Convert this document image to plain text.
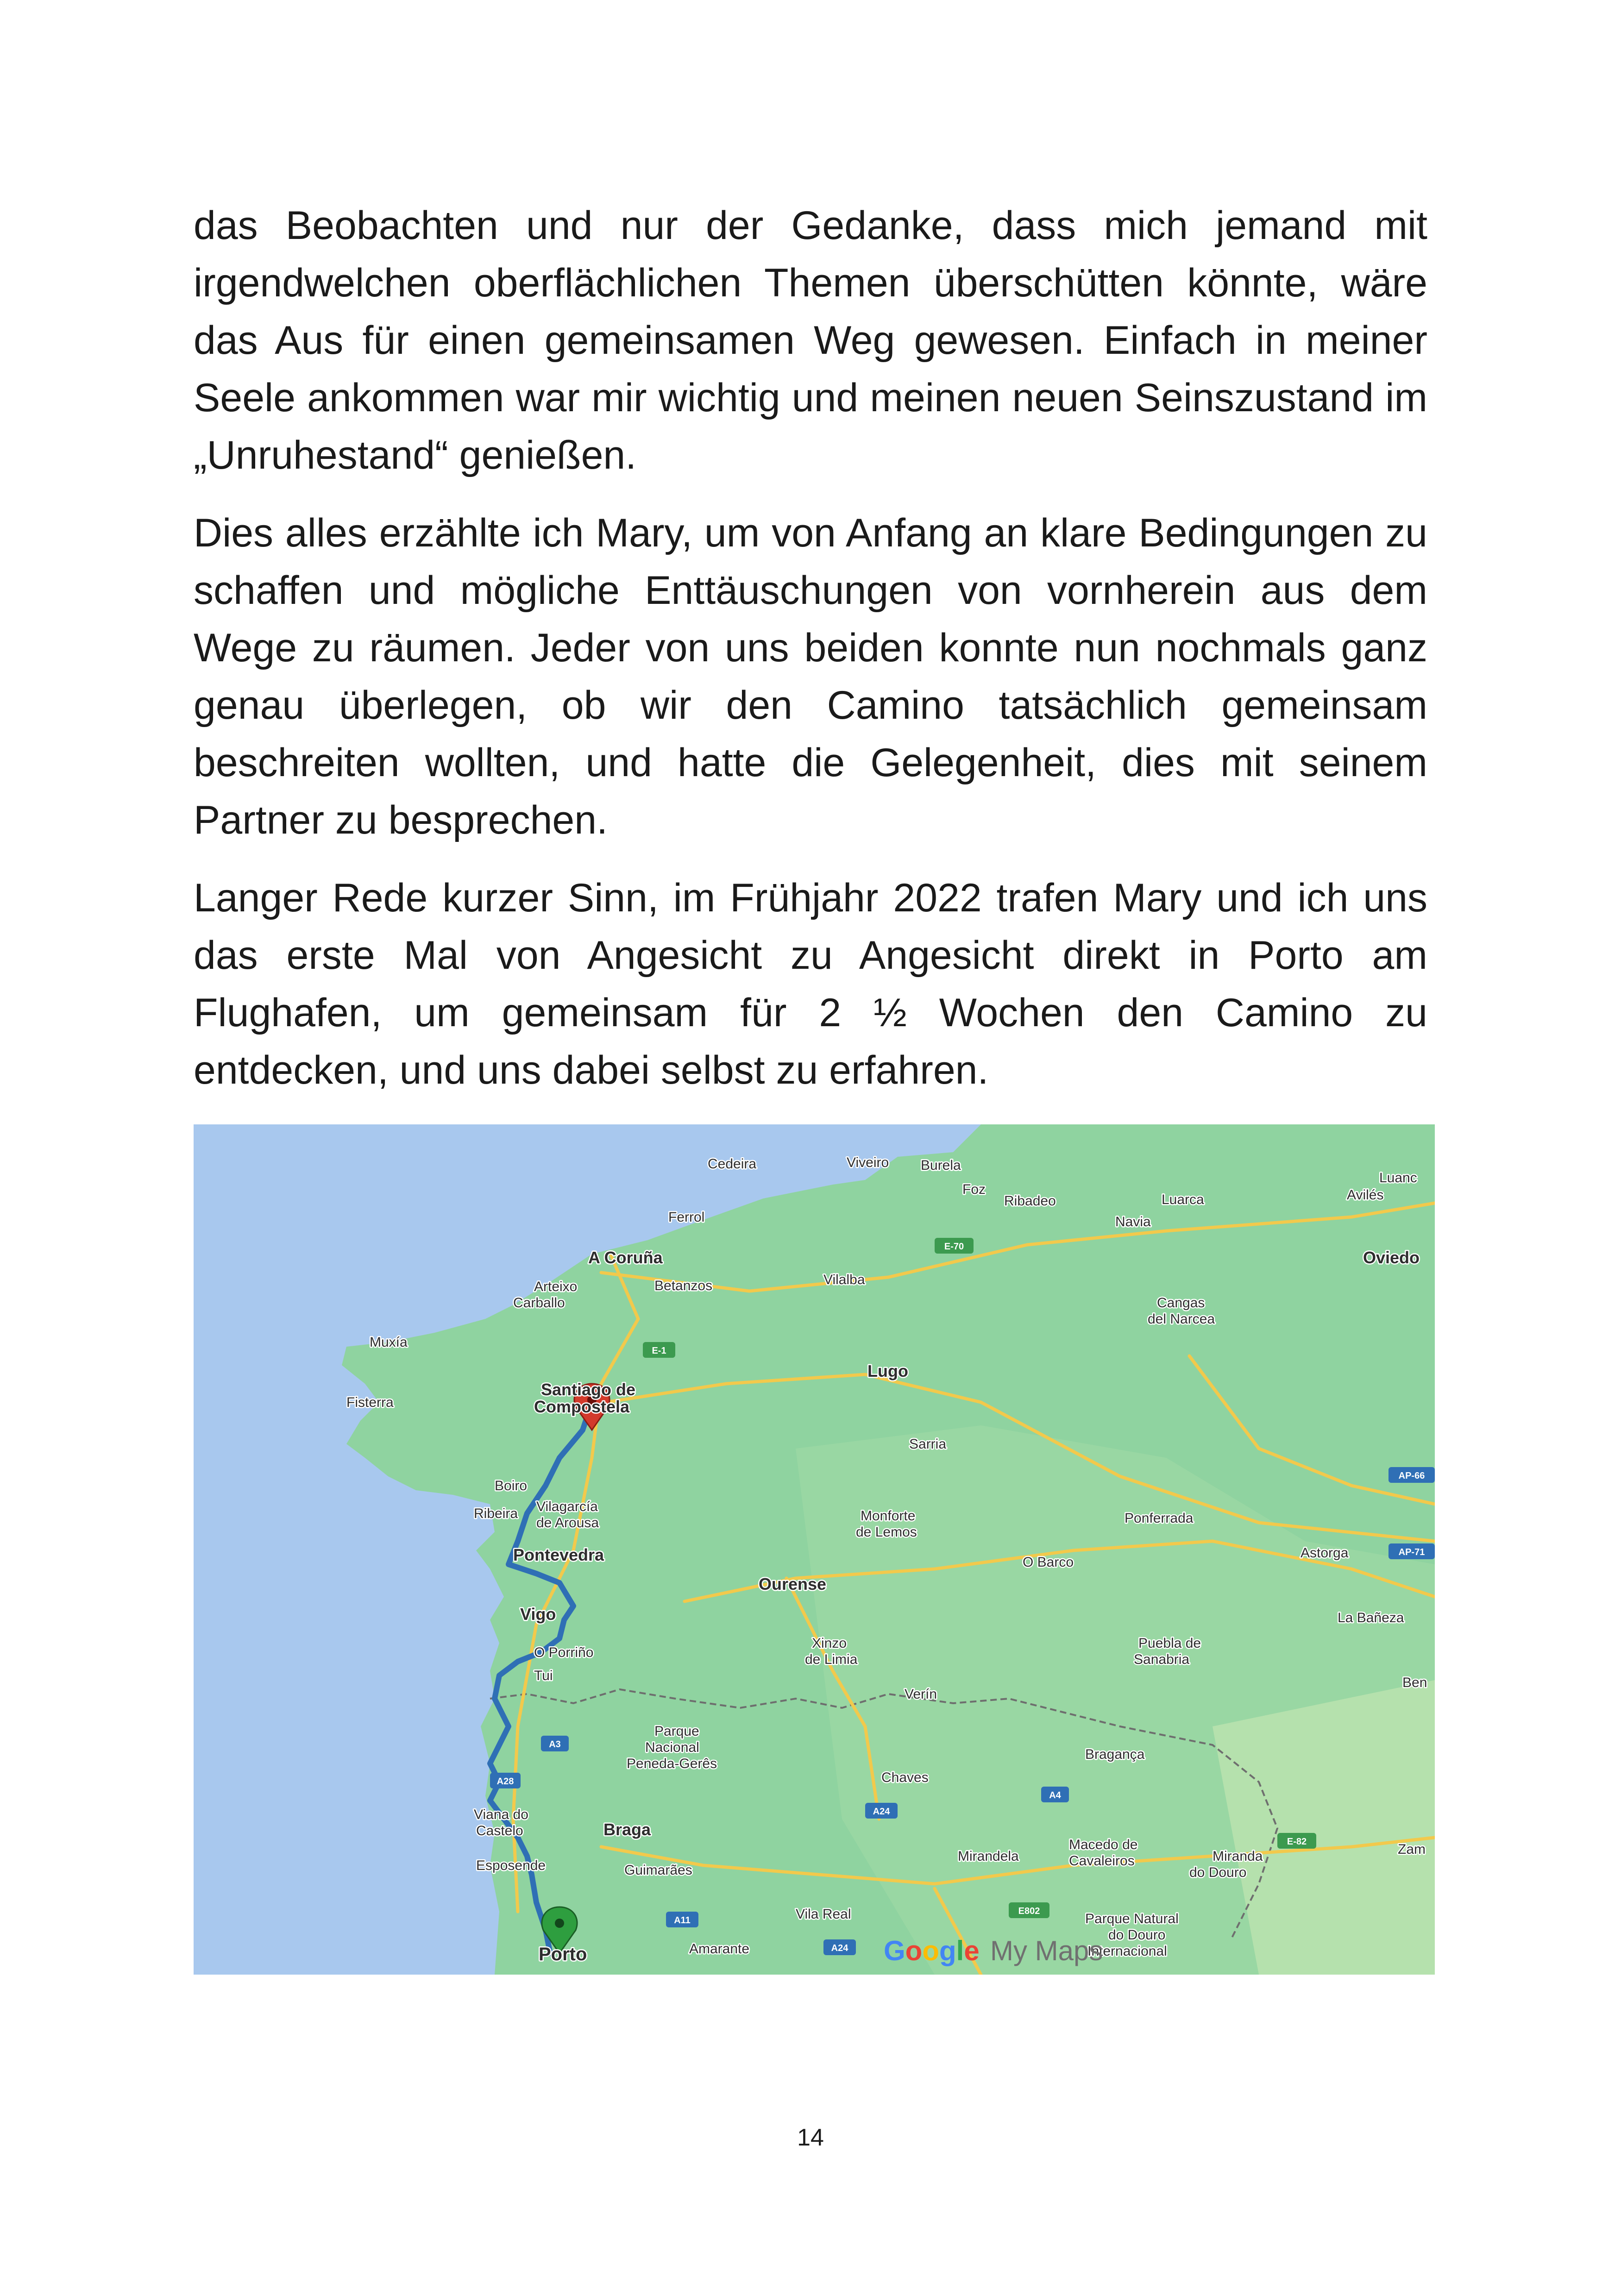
das Beobachten und nur der Gedanke, dass mich jemand mit irgendwelchen oberflächlichen Themen überschütten könnte, wäre das Aus für einen gemeinsamen Weg gewesen. Einfach in meiner Seele ankommen war mir wichtig und meinen neuen Seinszustand im „Unruhestand“ genießen.

Dies alles erzählte ich Mary, um von Anfang an klare Bedingungen zu schaffen und mögliche Enttäuschungen von vornherein aus dem Wege zu räumen. Jeder von uns beiden konnte nun nochmals ganz genau überlegen, ob wir den Camino tatsächlich gemeinsam beschreiten wollten, und hatte die Gelegenheit, dies mit seinem Partner zu besprechen.

Langer Rede kurzer Sinn, im Frühjahr 2022 trafen Mary und ich uns das erste Mal von Angesicht zu Angesicht direkt in Porto am Flughafen, um gemeinsam für 2 ½ Wochen den Camino zu entdecken, und uns dabei selbst zu erfahren.

E-70
E-1
AP-66
AP-71
A3
A28
A24
A4
E-82
E802
A11
A24
Cedeira	Viveiro Burela
Foz
Ribadeo	Luarca
Navia
Avilés
Luanc
Ferrol
A Coruña	Oviedo
Arteixo
Carballo
Betanzos	Vilalba
Cangas
del Narcea
Muxía
Fisterra
Lugo
Santiago de
Compostela
Sarria
Boiro
Ribeira Vilagarcía
de Arousa	Monforte
de Lemos
Ponferrada
Pontevedra	Astorga
O Barco
Ourense
Vigo	La Bañeza
O Porriño
Xinzo
de Limia
Puebla de
Sanabria
Tui
Verín
Ben
Parque
Nacional
Peneda-Gerês
Bragança
Chaves
Viana do
Castelo	Braga
Macedo de
Cavaleiros	Miranda
do Douro
Mirandela	Zam
Esposende	Guimarães
Vila Real	Parque Natural
do Douro
Internacional
Amarante
Porto	Google My Maps
14
